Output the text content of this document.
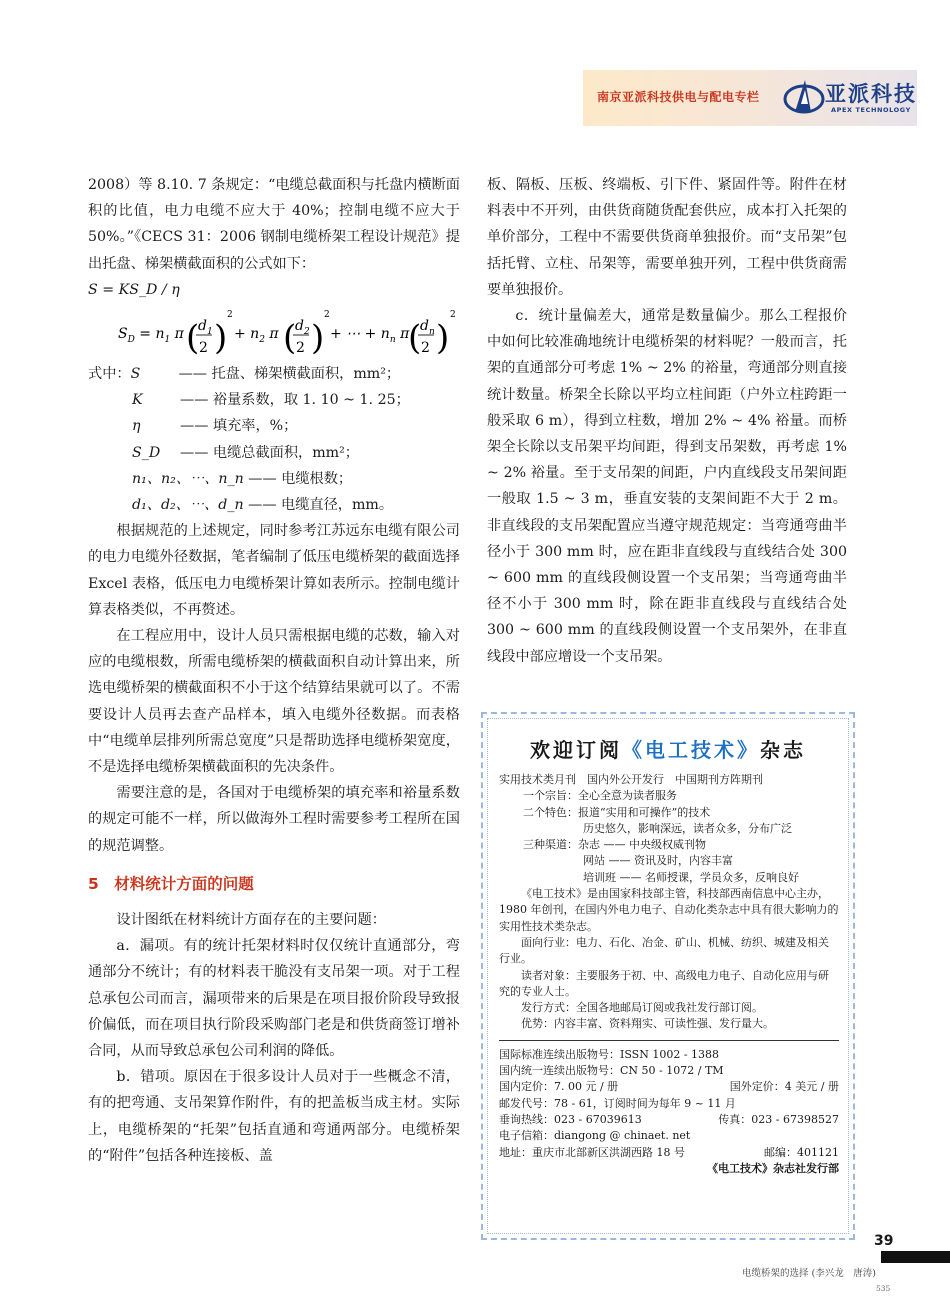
南京亚派科技供电与配电专栏	亚派科技
APEX TECHNOLOGY

2008）等 8.10. 7 条规定：“电缆总截面积与托盘内横断面积的比值，电力电缆不应大于 40%；控制电缆不应大于 50%。”《CECS 31：2006 钢制电缆桥架工程设计规范》提出托盘、梯架横截面积的公式如下：

S = KS_D / η

$S_D = n_1$ π (
$d_1$
2 )
2
+ $n_2$ π (
$d_2$
2 )
2
+ ⋯ + $n_n$ π
(
$d_n$
2 )
2
式中：S	—— 托盘、梯架横截面积，mm²；
K	—— 裕量系数，取 1. 10 ~ 1. 25；
η	—— 填充率，%；
S_D —— 电缆总截面积，mm²；
n₁、n₂、⋯、n_n —— 电缆根数；
d₁、d₂、⋯、d_n —— 电缆直径，mm。

根据规范的上述规定，同时参考江苏远东电缆有限公司的电力电缆外径数据，笔者编制了低压电缆桥架的截面选择 Excel 表格，低压电力电缆桥架计算如表所示。控制电缆计算表格类似，不再赘述。

在工程应用中，设计人员只需根据电缆的芯数，输入对应的电缆根数，所需电缆桥架的横截面积自动计算出来，所选电缆桥架的横截面积不小于这个结算结果就可以了。不需要设计人员再去查产品样本，填入电缆外径数据。而表格中“电缆单层排列所需总宽度”只是帮助选择电缆桥架宽度，不是选择电缆桥架横截面积的先决条件。

需要注意的是，各国对于电缆桥架的填充率和裕量系数的规定可能不一样，所以做海外工程时需要参考工程所在国的规范调整。

5　材料统计方面的问题

设计图纸在材料统计方面存在的主要问题：

a．漏项。有的统计托架材料时仅仅统计直通部分，弯通部分不统计；有的材料表干脆没有支吊架一项。对于工程总承包公司而言，漏项带来的后果是在项目报价阶段导致报价偏低，而在项目执行阶段采购部门老是和供货商签订增补合同，从而导致总承包公司利润的降低。

b．错项。原因在于很多设计人员对于一些概念不清，有的把弯通、支吊架算作附件，有的把盖板当成主材。实际上，电缆桥架的“托架”包括直通和弯通两部分。电缆桥架的“附件”包括各种连接板、盖

板、隔板、压板、终端板、引下件、紧固件等。附件在材料表中不开列，由供货商随货配套供应，成本打入托架的单价部分，工程中不需要供货商单独报价。而“支吊架”包括托臂、立柱、吊架等，需要单独开列，工程中供货商需要单独报价。

c．统计量偏差大，通常是数量偏少。那么工程报价中如何比较准确地统计电缆桥架的材料呢？一般而言，托架的直通部分可考虑 1% ~ 2% 的裕量，弯通部分则直接统计数量。桥架全长除以平均立柱间距（户外立柱跨距一般采取 6 m），得到立柱数，增加 2% ~ 4% 裕量。而桥架全长除以支吊架平均间距，得到支吊架数，再考虑 1% ~ 2% 裕量。至于支吊架的间距，户内直线段支吊架间距一般取 1.5 ~ 3 m，垂直安装的支架间距不大于 2 m。非直线段的支吊架配置应当遵守规范规定：当弯通弯曲半径小于 300 mm 时，应在距非直线段与直线结合处 300 ~ 600 mm 的直线段侧设置一个支吊架；当弯通弯曲半径不小于 300 mm 时，除在距非直线段与直线结合处 300 ~ 600 mm 的直线段侧设置一个支吊架外，在非直线段中部应增设一个支吊架。

欢迎订阅《电工技术》杂志

实用技术类月刊　国内外公开发行　中国期刊方阵期刊

一个宗旨：全心全意为读者服务

二个特色：报道“实用和可操作”的技术

历史悠久，影响深远，读者众多，分布广泛

三种渠道：杂志 —— 中央级权威刊物

网站 —— 资讯及时，内容丰富

培训班 —— 名师授课，学员众多，反响良好

《电工技术》是由国家科技部主管，科技部西南信息中心主办，1980 年创刊，在国内外电力电子、自动化类杂志中具有很大影响力的实用性技术类杂志。

面向行业：电力、石化、冶金、矿山、机械、纺织、城建及相关行业。

读者对象：主要服务于初、中、高级电力电子、自动化应用与研究的专业人士。

发行方式：全国各地邮局订阅或我社发行部订阅。

优势：内容丰富、资料翔实、可读性强、发行量大。

国际标准连续出版物号：ISSN 1002 - 1388

国内统一连续出版物号：CN 50 - 1072 / TM

国内定价：7. 00 元 / 册	国外定价：4 美元 / 册

邮发代号：78 - 61，订阅时间为每年 9 ~ 11 月

垂询热线：023 - 67039613	传真：023 - 67398527

电子信箱：diangong @ chinaet. net

地址：重庆市北部新区洪湖西路 18 号	邮编：401121

《电工技术》杂志社发行部

39
电缆桥架的选择 (李兴龙　唐涛)
535
